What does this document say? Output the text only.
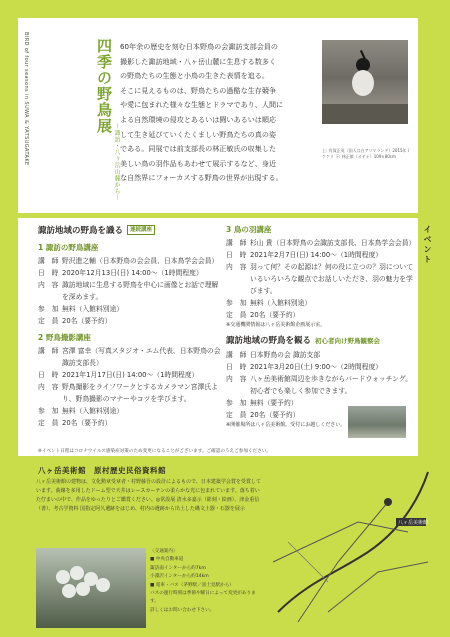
BIRD of four seasons in SUWA & YATSUGATAKE	四季の野鳥展
〜諏訪・八ヶ岳山麓から〜
60年余の歴史を刻む日本野鳥の会諏訪支部会員の
撮影した諏訪地域・八ヶ岳山麓に生息する数多く
の野鳥たちの生態と小鳥の生きた表情を追る。
そこに見えるものは、野鳥たちの過酷な生存競争
や愛に包まれた様々な生態とドラマであり、人間に
よる自然環境の侵攻とあるいは闘いあるいは順応
して生き延びていくたくましい野鳥たちの真の姿
である。同展では前支部長の林正敏氏の収集した
美しい鳥の羽作品もあわせて展示するなど、身近
な自然界にフォーカスする野鳥の世界が出現する。
上: 有賀正英（国人は白アリマランド）2015年 / ケケリ 下: 林正敏（オテナ）109×80cm
諏訪地域の野鳥を識る	連続講座
1 諏訪の野鳥講座
講　師 野沢進之輔（日本野鳥の会会員、日本鳥学会会員）
日　時 2020年12月13日(日) 14:00〜（1時間程度）
内　容 諏訪地域に生息する野鳥を中心に画像とお話で理解を深めます。
参　加 無料（入館料別途）
定　員 20名（要予約）
2 野鳥撮影講座
講　師 宮澤 富幸（写真スタジオ・エム代表、日本野鳥の会諏訪支部長）
日　時 2021年1月17日(日) 14:00〜（1時間程度）
内　容 野鳥撮影をライフワークとするカメラマン宮澤氏より、野鳥撮影のマナーやコツを学びます。
参　加 無料（入館料別途）
定　員 20名（要予約）
3 鳥の羽講座
講　師 杉山 貴（日本野鳥の会諏訪支部長、日本鳥学会会員）
日　時 2021年2月7日(日) 14:00〜（1時間程度）
内　容 羽って何？その起源は？何の役に立つの？羽についているいろいろな観点でお話しいただき、羽の魅力を学びます。
参　加 無料（入館料別途）
定　員 20名（要予約）
※交通機関情報は八ヶ岳美術館企画展示室。
諏訪地域の野鳥を観る 初心者向け野鳥観察会
講　師 日本野鳥の会 諏訪支部
日　時 2021年3月20日(土) 9:00〜（2時間程度）
内　容 八ヶ岳美術館周辺を歩きながらバードウォッチング。初心者でも楽しく参加できます。
参　加 無料（要予約）
定　員 20名（要予約）
※開催場所は八ヶ岳美術館。受付にお越しください。
※イベント日程はコロナウイルス感染症対策のため変更になることがございます。ご確認のうえご参加ください。
イベント
八ヶ岳美術館　原村歴史民俗資料館
八ヶ岳美術館の建物は、文化勲章受章者・村野藤吾の設計によるもので、日本建築学会賞を受賞しています。曲線を多用したドーム型で天井はレースカーテンの柔らかな光に包まれています。落ち着いた佇まいの中で、作品をゆったりとご鑑賞ください。◎常設展 清水多嘉示（彫刻・絵画）、津金重信（書）、考古学資料 国指定阿久遺跡をはじめ、村内の遺跡から出土した縄文土器・石器を展示
〈交通案内〉
■ 中央自動車道
諏訪南インターから約7km
小淵沢インターから約14km
■ 電車・バス（茅野駅／富士見駅から）
バスの運行時刻は季節や曜日によって変更があります。
詳しくはお問い合わせ下さい。
八ヶ岳美術館
